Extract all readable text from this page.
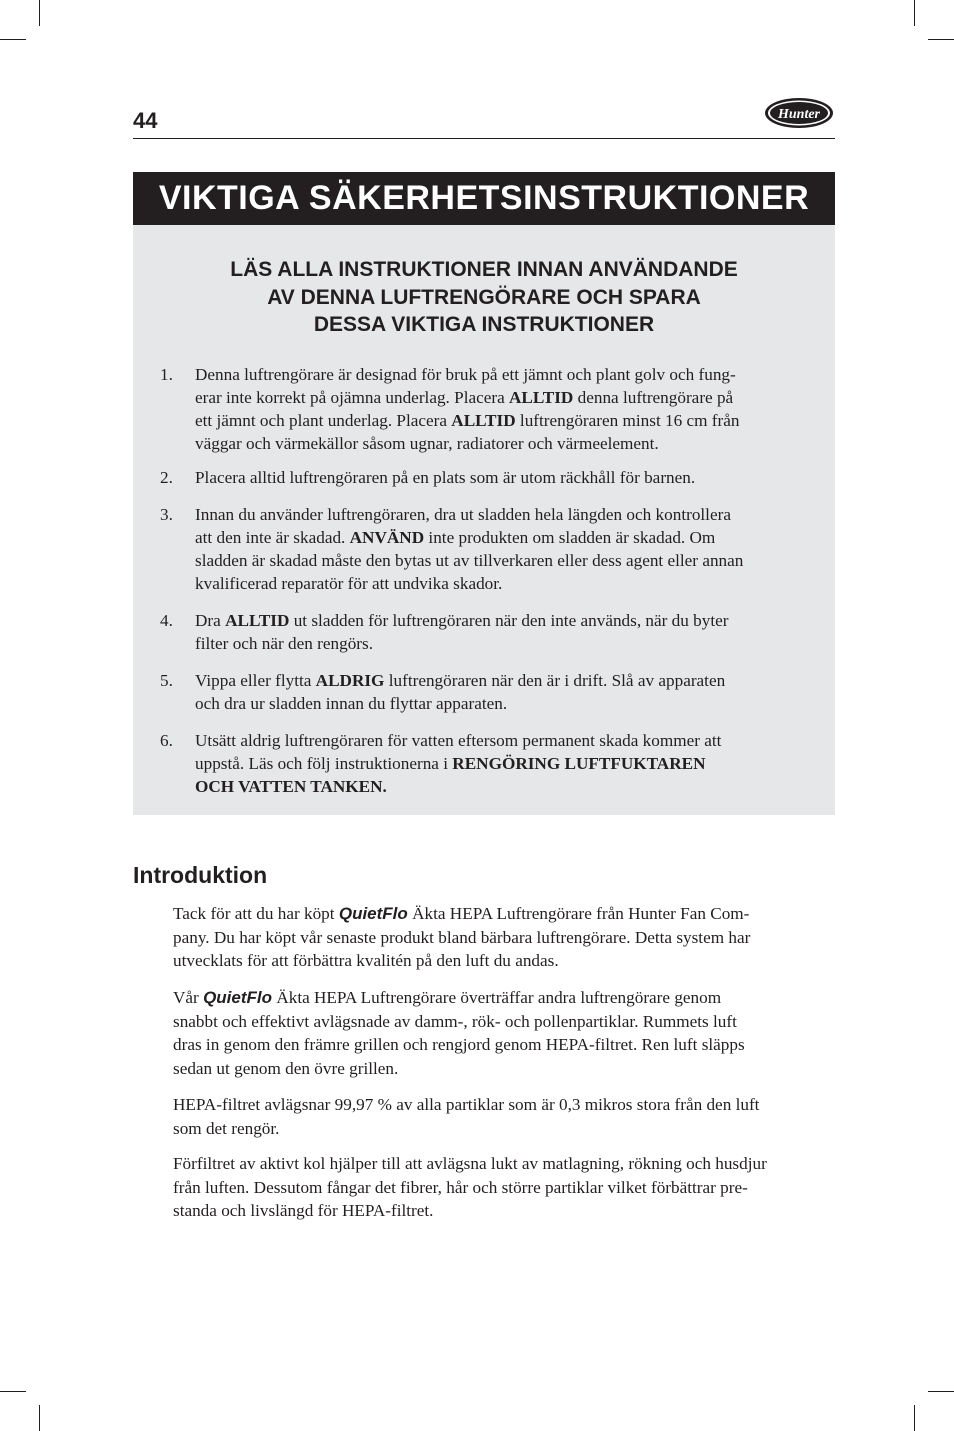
44	Hunter
VIKTIGA SÄKERHETSINSTRUKTIONER
LÄS ALLA INSTRUKTIONER INNAN ANVÄNDANDE
AV DENNA LUFTRENGÖRARE OCH SPARA
DESSA VIKTIGA INSTRUKTIONER
1. Denna luftrengörare är designad för bruk på ett jämnt och plant golv och fung-
erar inte korrekt på ojämna underlag. Placera ALLTID denna luftrengörare på
ett jämnt och plant underlag. Placera ALLTID luftrengöraren minst 16 cm från
väggar och värmekällor såsom ugnar, radiatorer och värmeelement.
2. Placera alltid luftrengöraren på en plats som är utom räckhåll för barnen.
3. Innan du använder luftrengöraren, dra ut sladden hela längden och kontrollera
att den inte är skadad. ANVÄND inte produkten om sladden är skadad. Om
sladden är skadad måste den bytas ut av tillverkaren eller dess agent eller annan
kvalificerad reparatör för att undvika skador.
4. Dra ALLTID ut sladden för luftrengöraren när den inte används, när du byter
filter och när den rengörs.
5. Vippa eller flytta ALDRIG luftrengöraren när den är i drift. Slå av apparaten
och dra ur sladden innan du flyttar apparaten.
6. Utsätt aldrig luftrengöraren för vatten eftersom permanent skada kommer att
uppstå. Läs och följ instruktionerna i RENGÖRING LUFTFUKTAREN
OCH VATTEN TANKEN.
Introduktion
Tack för att du har köpt QuietFlo Äkta HEPA Luftrengörare från Hunter Fan Com-
pany. Du har köpt vår senaste produkt bland bärbara luftrengörare. Detta system har
utvecklats för att förbättra kvalitén på den luft du andas.
Vår QuietFlo Äkta HEPA Luftrengörare överträffar andra luftrengörare genom
snabbt och effektivt avlägsnade av damm-, rök- och pollenpartiklar. Rummets luft
dras in genom den främre grillen och rengjord genom HEPA-filtret. Ren luft släpps
sedan ut genom den övre grillen.
HEPA-filtret avlägsnar 99,97 % av alla partiklar som är 0,3 mikros stora från den luft
som det rengör.
Förfiltret av aktivt kol hjälper till att avlägsna lukt av matlagning, rökning och husdjur
från luften. Dessutom fångar det fibrer, hår och större partiklar vilket förbättrar pre-
standa och livslängd för HEPA-filtret.
